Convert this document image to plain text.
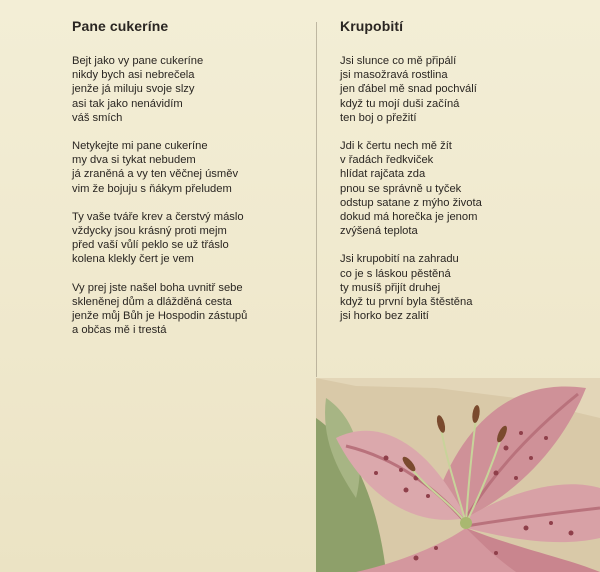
Pane cukeríne
Bejt jako vy pane cukeríne
nikdy bych asi nebrečela
jenže já miluju svoje slzy
asi tak jako nenávidím
váš smích
Netykejte mi pane cukeríne
my dva si tykat nebudem
já zraněná a vy ten věčnej úsměv
vim že bojuju s ňákym přeludem
Ty vaše tváře krev a čerstvý máslo
vždycky jsou krásný proti mejm
před vaší vůlí peklo se už třáslo
kolena klekly čert je vem
Vy prej jste našel boha uvnitř sebe
skleněnej dům a dlážděná cesta
jenže můj Bůh je Hospodin zástupů
a občas mě i trestá
Krupobití
Jsi slunce co mě připálí
jsi masožravá rostlina
jen ďábel mě snad pochválí
když tu mojí duši začíná
ten boj o přežití
Jdi k čertu nech mě žít
v řadách ředkviček
hlídat rajčata zda
pnou se správně u tyček
odstup satane z mýho života
dokud má horečka je jenom
zvýšená teplota
Jsi krupobití na zahradu
co je s láskou pěstěná
ty musíš přijít druhej
když tu první byla štěstěna
jsi horko bez zalití
